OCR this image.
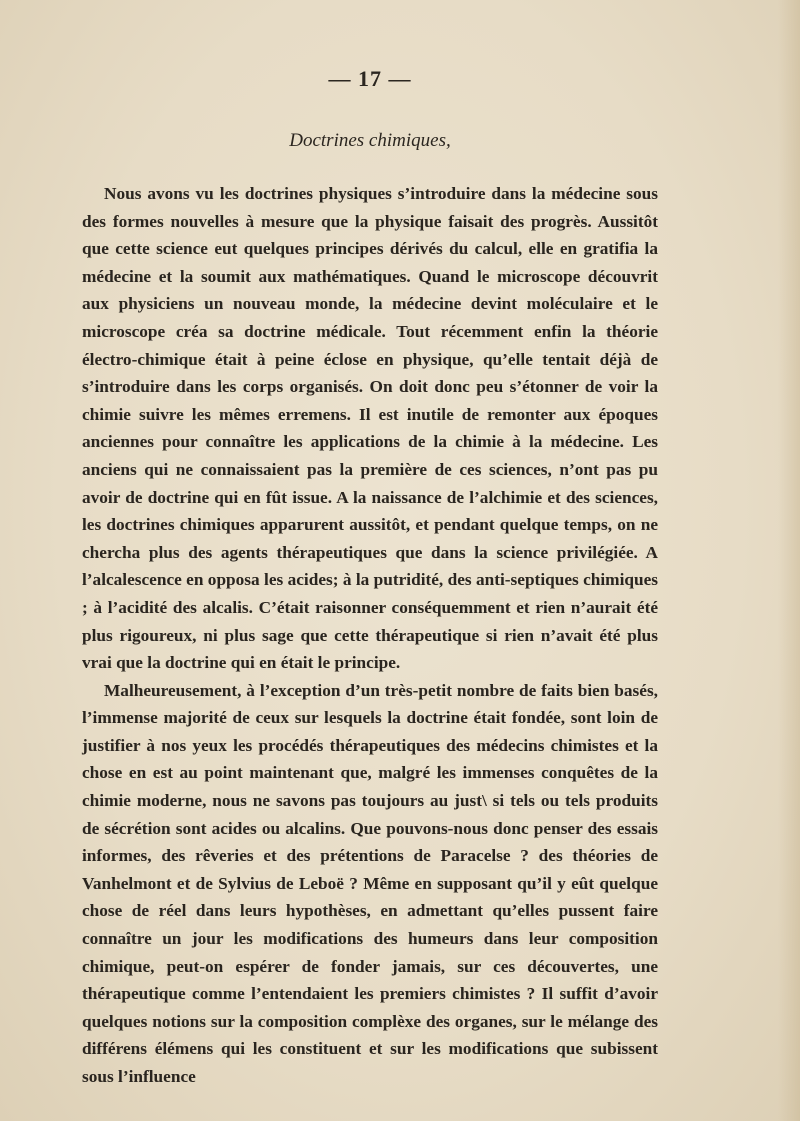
— 17 —
Doctrines chimiques,

Nous avons vu les doctrines physiques s’introduire dans la médecine sous des formes nouvelles à mesure que la physique faisait des progrès. Aussitôt que cette science eut quelques principes dérivés du calcul, elle en gratifia la médecine et la soumit aux mathématiques. Quand le microscope découvrit aux physiciens un nouveau monde, la médecine devint moléculaire et le microscope créa sa doctrine médicale. Tout récemment enfin la théorie électro-chimique était à peine éclose en physique, qu’elle tentait déjà de s’introduire dans les corps organisés. On doit donc peu s’étonner de voir la chimie suivre les mêmes erremens. Il est inutile de remonter aux époques anciennes pour connaître les applications de la chimie à la médecine. Les anciens qui ne connaissaient pas la première de ces sciences, n’ont pas pu avoir de doctrine qui en fût issue. A la naissance de l’alchimie et des sciences, les doctrines chimiques apparurent aussitôt, et pendant quelque temps, on ne chercha plus des agents thérapeutiques que dans la science privilégiée. A l’alcalescence en opposa les acides; à la putridité, des anti-septiques chimiques ; à l’acidité des alcalis. C’était raisonner conséquemment et rien n’aurait été plus rigoureux, ni plus sage que cette thérapeutique si rien n’avait été plus vrai que la doctrine qui en était le principe.

Malheureusement, à l’exception d’un très-petit nombre de faits bien basés, l’immense majorité de ceux sur lesquels la doctrine était fondée, sont loin de justifier à nos yeux les procédés thérapeutiques des médecins chimistes et la chose en est au point maintenant que, malgré les immenses conquêtes de la chimie moderne, nous ne savons pas toujours au just\ si tels ou tels produits de sécrétion sont acides ou alcalins. Que pouvons-nous donc penser des essais informes, des rêveries et des prétentions de Paracelse ? des théories de Vanhelmont et de Sylvius de Leboë ? Même en supposant qu’il y eût quelque chose de réel dans leurs hypothèses, en admettant qu’elles pussent faire connaître un jour les modifications des humeurs dans leur composition chimique, peut-on espérer de fonder jamais, sur ces découvertes, une thérapeutique comme l’entendaient les premiers chimistes ? Il suffit d’avoir quelques notions sur la composition complèxe des organes, sur le mélange des différens élémens qui les constituent et sur les modifications que subissent sous l’influence
